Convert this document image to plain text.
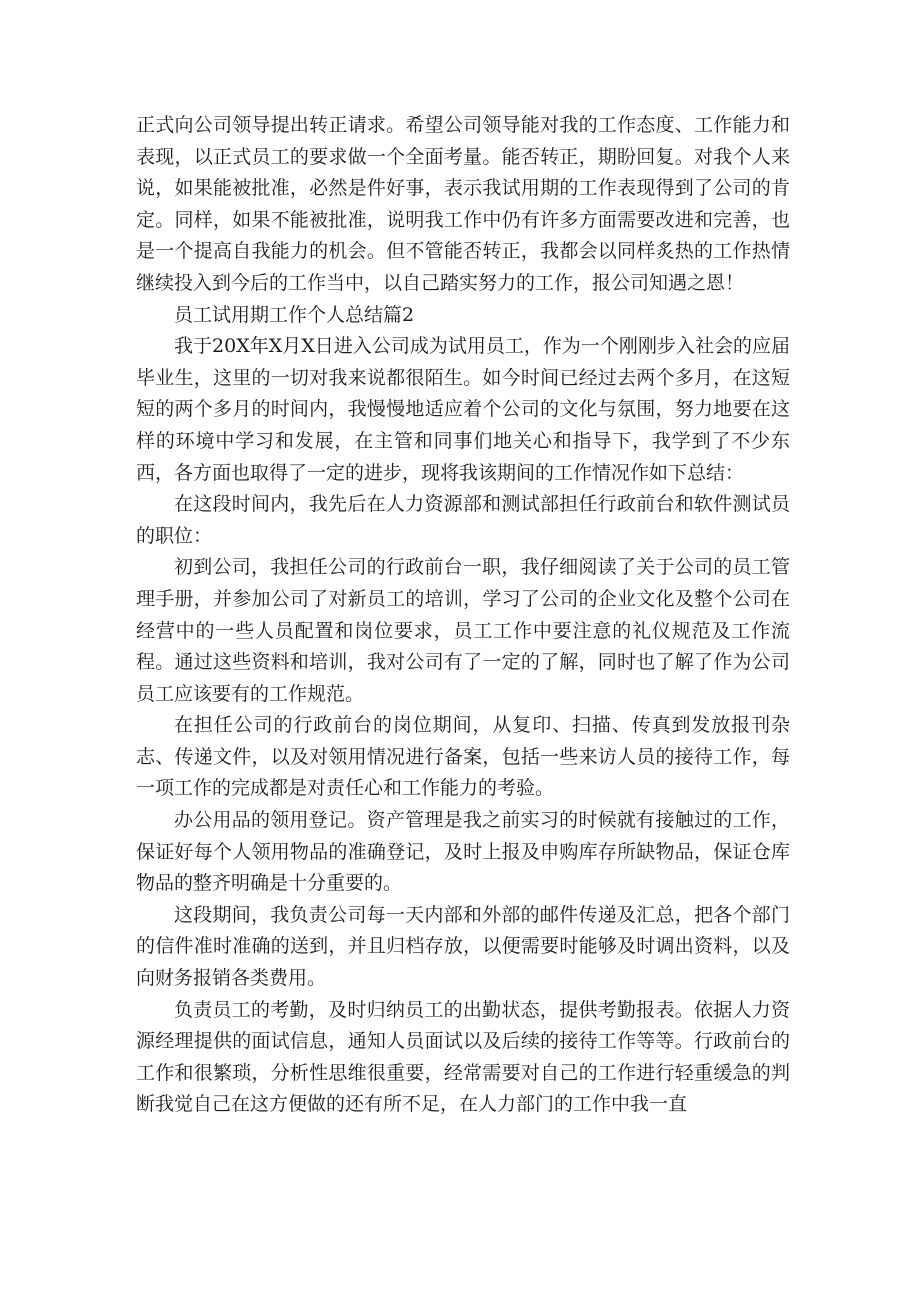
正式向公司领导提出转正请求。希望公司领导能对我的工作态度、工作能力和表现，以正式员工的要求做一个全面考量。能否转正，期盼回复。对我个人来说，如果能被批准，必然是件好事，表示我试用期的工作表现得到了公司的肯定。同样，如果不能被批准，说明我工作中仍有许多方面需要改进和完善，也是一个提高自我能力的机会。但不管能否转正，我都会以同样炙热的工作热情继续投入到今后的工作当中，以自己踏实努力的工作，报公司知遇之恩！

员工试用期工作个人总结篇2

我于20X年X月X日进入公司成为试用员工，作为一个刚刚步入社会的应届毕业生，这里的一切对我来说都很陌生。如今时间已经过去两个多月，在这短短的两个多月的时间内，我慢慢地适应着个公司的文化与氛围，努力地要在这样的环境中学习和发展，在主管和同事们地关心和指导下，我学到了不少东西，各方面也取得了一定的进步，现将我该期间的工作情况作如下总结：

在这段时间内，我先后在人力资源部和测试部担任行政前台和软件测试员的职位：

初到公司，我担任公司的行政前台一职，我仔细阅读了关于公司的员工管理手册，并参加公司了对新员工的培训，学习了公司的企业文化及整个公司在经营中的一些人员配置和岗位要求，员工工作中要注意的礼仪规范及工作流程。通过这些资料和培训，我对公司有了一定的了解，同时也了解了作为公司员工应该要有的工作规范。

在担任公司的行政前台的岗位期间，从复印、扫描、传真到发放报刊杂志、传递文件，以及对领用情况进行备案，包括一些来访人员的接待工作，每一项工作的完成都是对责任心和工作能力的考验。

办公用品的领用登记。资产管理是我之前实习的时候就有接触过的工作，保证好每个人领用物品的准确登记，及时上报及申购库存所缺物品，保证仓库物品的整齐明确是十分重要的。

这段期间，我负责公司每一天内部和外部的邮件传递及汇总，把各个部门的信件准时准确的送到，并且归档存放，以便需要时能够及时调出资料，以及向财务报销各类费用。

负责员工的考勤，及时归纳员工的出勤状态，提供考勤报表。依据人力资源经理提供的面试信息，通知人员面试以及后续的接待工作等等。行政前台的工作和很繁琐，分析性思维很重要，经常需要对自己的工作进行轻重缓急的判断我觉自己在这方便做的还有所不足，在人力部门的工作中我一直
